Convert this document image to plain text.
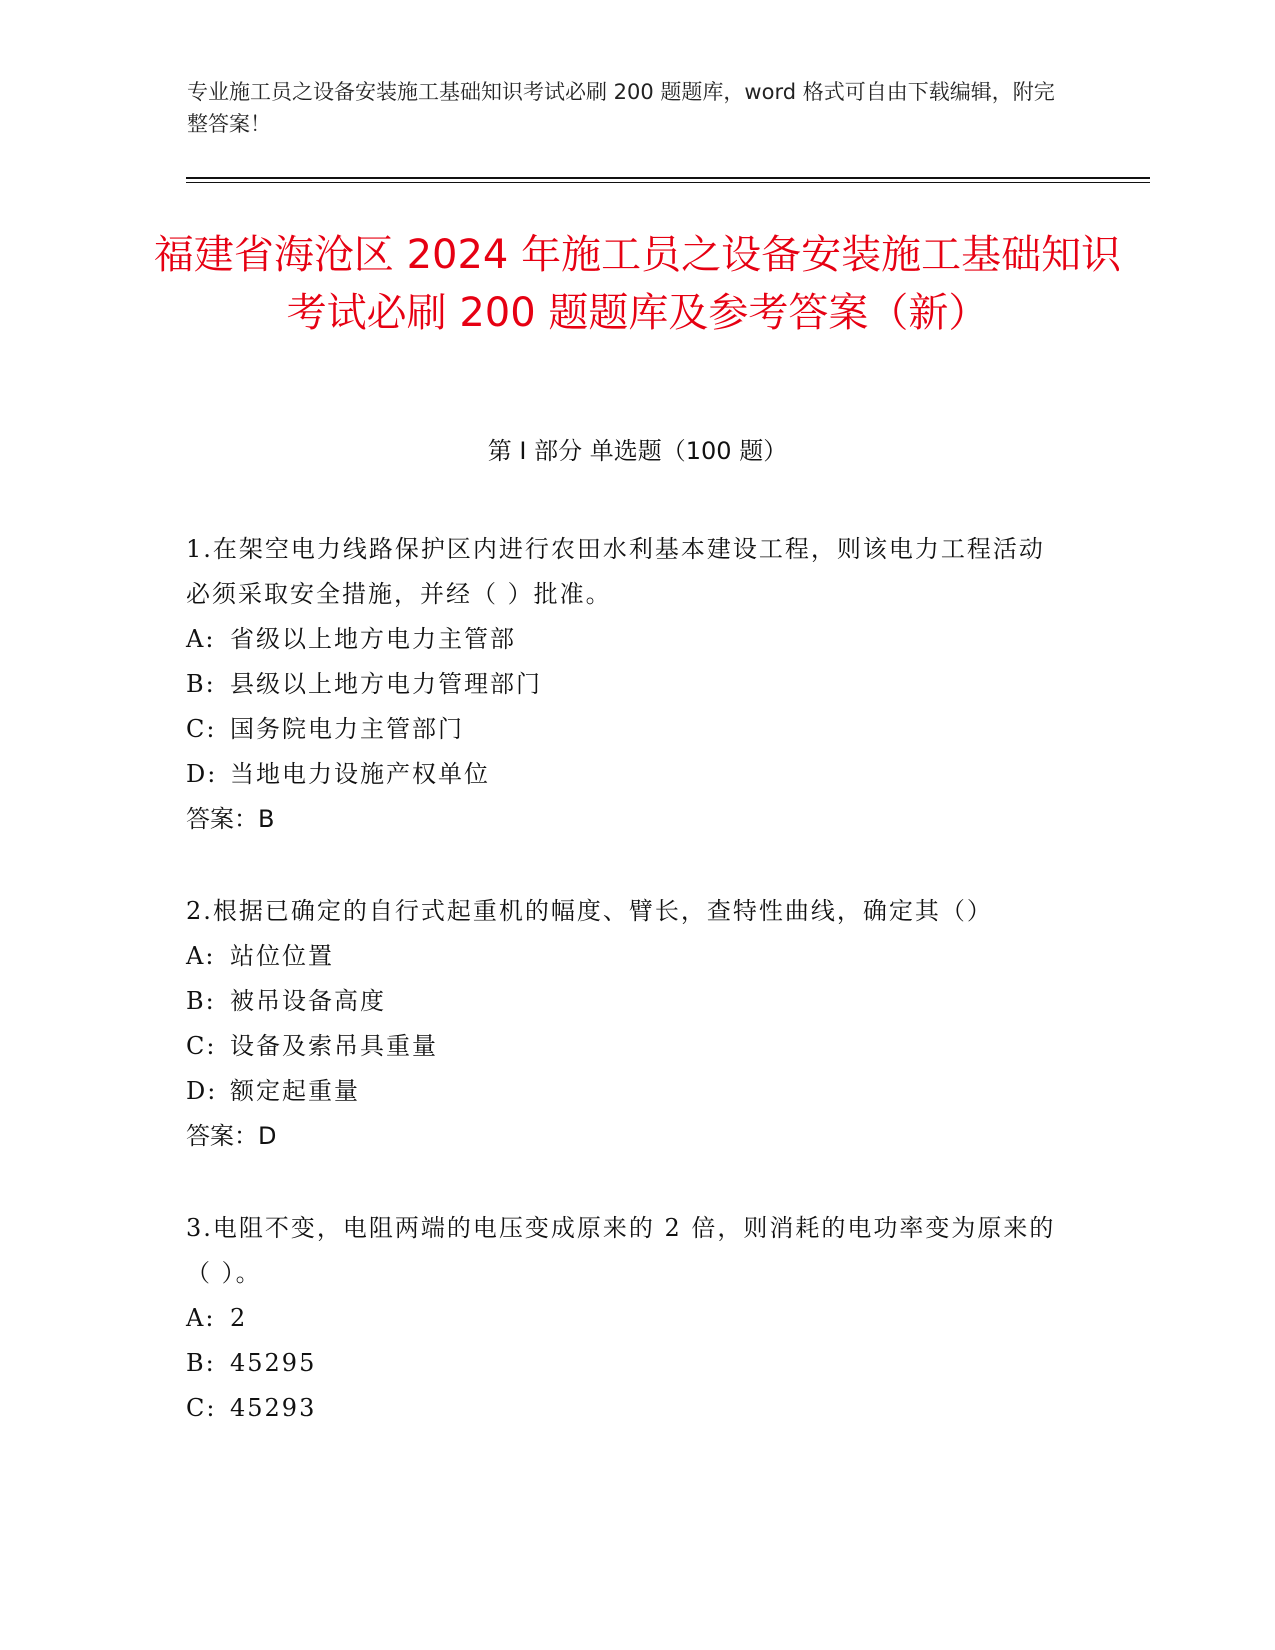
专业施工员之设备安装施工基础知识考试必刷 200 题题库，word 格式可自由下载编辑，附完整答案！

福建省海沧区 2024 年施工员之设备安装施工基础知识考试必刷 200 题题库及参考答案（新）
第 I 部分 单选题（100 题）

1.在架空电力线路保护区内进行农田水利基本建设工程，则该电力工程活动必须采取安全措施，并经（ ）批准。

A: 省级以上地方电力主管部
B: 县级以上地方电力管理部门
C: 国务院电力主管部门
D: 当地电力设施产权单位

答案：B

2.根据已确定的自行式起重机的幅度、臂长，查特性曲线，确定其（）

A: 站位位置
B: 被吊设备高度
C: 设备及索吊具重量
D: 额定起重量

答案：D

3.电阻不变，电阻两端的电压变成原来的 2 倍，则消耗的电功率变为原来的（ ）。

A: 2
B: 45295
C: 45293
